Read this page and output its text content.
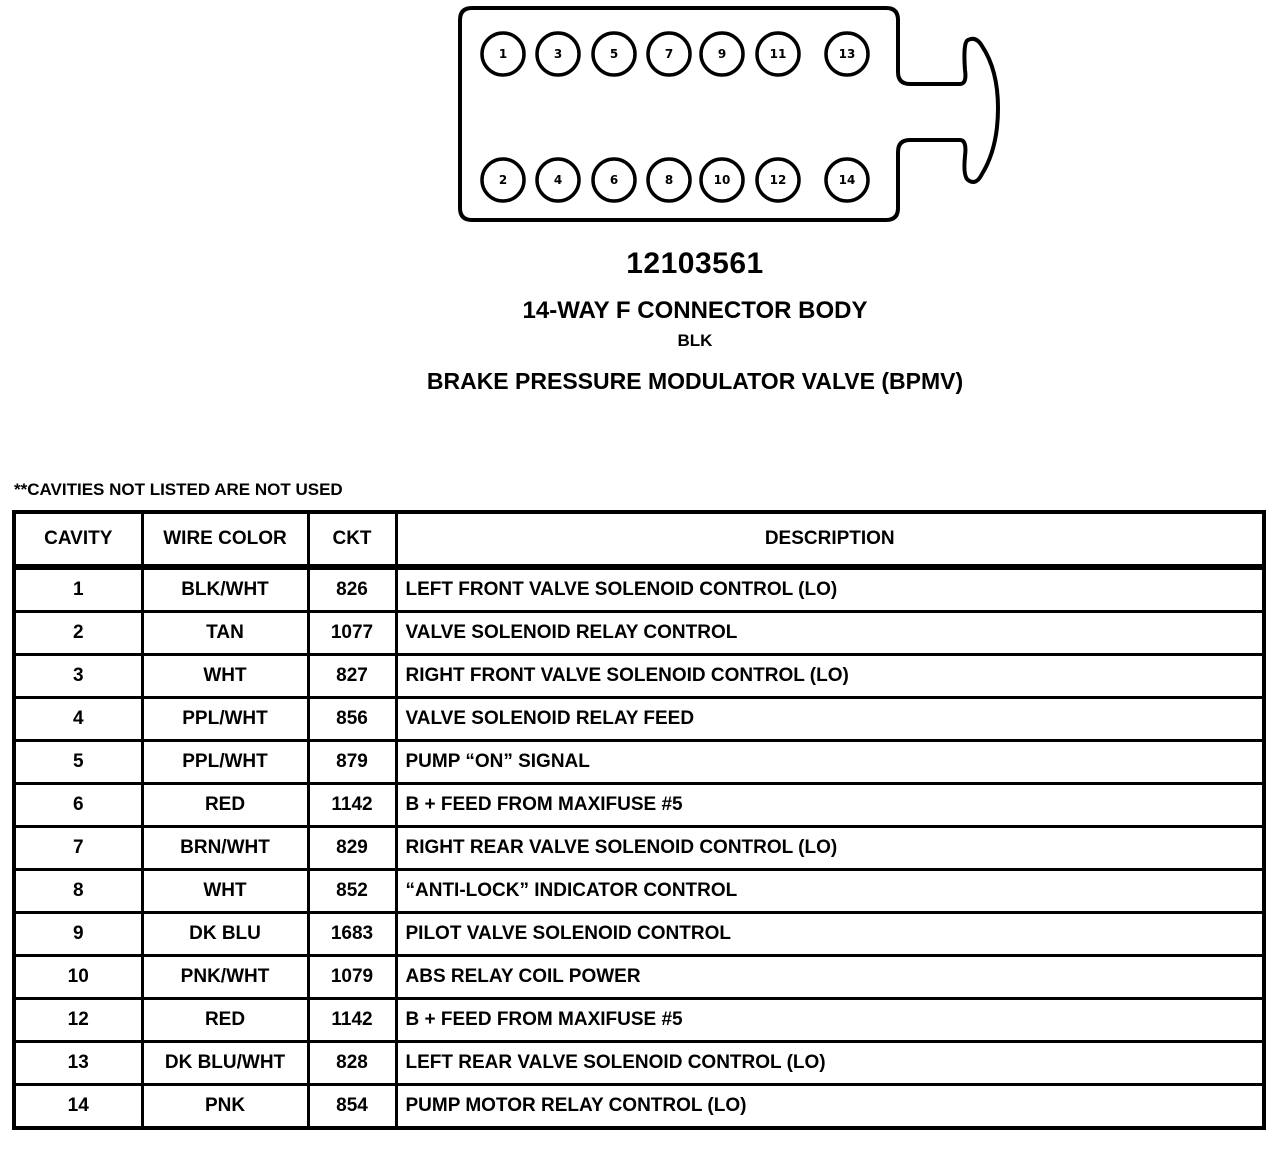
1	3	5	7	9	11	13
2	4	6	8	10	12	14
12103561
14-WAY F CONNECTOR BODY
BLK
BRAKE PRESSURE MODULATOR VALVE (BPMV)
**CAVITIES NOT LISTED ARE NOT USED
CAVITY	WIRE COLOR	CKT	DESCRIPTION
1	BLK/WHT	826	LEFT FRONT VALVE SOLENOID CONTROL (LO)
2	TAN	1077	VALVE SOLENOID RELAY CONTROL
3	WHT	827	RIGHT FRONT VALVE SOLENOID CONTROL (LO)
4	PPL/WHT	856	VALVE SOLENOID RELAY FEED
5	PPL/WHT	879	PUMP “ON” SIGNAL
6	RED	1142	B + FEED FROM MAXIFUSE #5
7	BRN/WHT	829	RIGHT REAR VALVE SOLENOID CONTROL (LO)
8	WHT	852	“ANTI-LOCK” INDICATOR CONTROL
9	DK BLU	1683	PILOT VALVE SOLENOID CONTROL
10	PNK/WHT	1079	ABS RELAY COIL POWER
12	RED	1142	B + FEED FROM MAXIFUSE #5
13	DK BLU/WHT	828	LEFT REAR VALVE SOLENOID CONTROL (LO)
14	PNK	854	PUMP MOTOR RELAY CONTROL (LO)
